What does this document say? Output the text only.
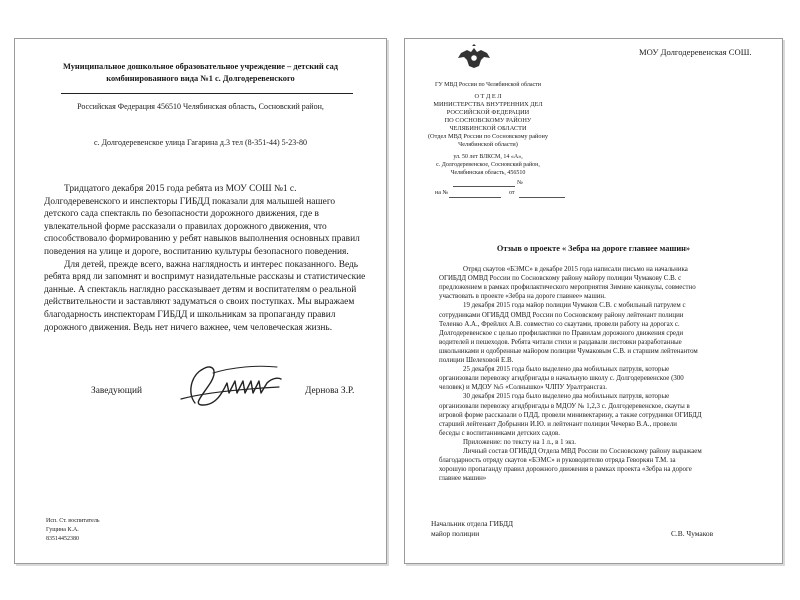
Муниципальное дошкольное образовательное учреждение – детский сад
комбинированного вида №1 с. Долгодеревенского
Российская Федерация 456510 Челябинская область, Сосновский район,
с. Долгодеревенское улица Гагарина д.3 тел (8-351-44) 5-23-80
Тридцатого декабря 2015 года ребята из МОУ СОШ №1 с.
Долгодеревенского и инспекторы ГИБДД показали для малышей нашего
детского сада спектакль по безопасности дорожного движения, где в
увлекательной форме рассказали о правилах дорожного движения, что
способствовало формированию у ребят навыков выполнения основных правил
поведения на улице и дороге, воспитанию культуры безопасного поведения.
Для детей, прежде всего, важна наглядность и интерес показанного. Ведь
ребята вряд ли запомнят и воспримут назидательные рассказы и статистические
данные. А спектакль наглядно рассказывает детям и воспитателям о реальной
действительности и заставляют задуматься о своих поступках. Мы выражаем
благодарность инспекторам ГИБДД и школьникам за пропаганду правил
дорожного движения. Ведь нет ничего важнее, чем человеческая жизнь.
Заведующий	Дернова З.Р.
Исп. Ст. воспитатель
Гущина К.А.
83514452380
МОУ Долгодеревенская СОШ.
ГУ МВД России по Челябинской области
О Т Д Е Л
МИНИСТЕРСТВА ВНУТРЕННИХ ДЕЛ
РОССИЙСКОЙ ФЕДЕРАЦИИ
ПО СОСНОВСКОМУ РАЙОНУ
ЧЕЛЯБИНСКОЙ ОБЛАСТИ
(Отдел МВД России по Сосновскому району
Челябинской области)
ул. 50 лет ВЛКСМ, 14 «А»,
с. Долгодеревенское, Сосновский район,
Челябинская область, 456510
№
на №	от
Отзыв о проекте « Зебра на дороге главнее машин»
Отряд скаутов «БЭМС» в декабре 2015 года написали письмо на начальника
ОГИБДД ОМВД России по Сосновскому району майору полиции Чумакову С.В. с
предложением в рамках профилактического мероприятия Зимние каникулы, совместно
участвовать в проекте «Зебра на дороге главнее» машин.
19 декабря 2015 года майор полиции Чумаков С.В. с мобильный патрулем с
сотрудниками ОГИБДД ОМВД России по Сосновскому району лейтенант полиции
Теленко А.А., Фрейлих А.В. совместно со скаутами, провели работу на дорогах с.
Долгодеревенское с целью профилактики по Правилам дорожного движения среди
водителей и пешеходов. Ребята читали стихи и раздавали листовки разработанные
школьниками и одобренные майором полиции Чумаковым С.В. и старшим лейтенантом
полиции Шелеховой Е.В.
25 декабря 2015 года было выделено два мобильных патруля, которые
организовали перевозку агидбригады в начальную школу с. Долгодеревенское (300
человек) и МДОУ №5 «Солнышко» ЧЛПУ Уралтрансгаз.
30 декабря 2015 года было выделено два мобильных патруля, которые
организовали перевозку агидбригады в МДОУ № 1,2,3 с. Долгодеревенское, скауты в
игровой форме рассказали о ПДД, провели минивектарину, а также сотрудники ОГИБДД
старший лейтенант Добрынин И.Ю. и лейтенант полиции Чечерко В.А., провели
беседы с воспитанниками детских садов.
Приложение: по тексту на 1 л., в 1 экз.
Личный состав ОГИБДД Отдела МВД России по Сосновскому району выражаем
благодарность отряду скаутов «БЭМС» и руководителю отряда Геворкян Т.М. за
хорошую пропаганду правил дорожного движения в рамках проекта «Зебра на дороге
главнее машин»
Начальник отдела ГИБДД
майор полиции	С.В. Чумаков
